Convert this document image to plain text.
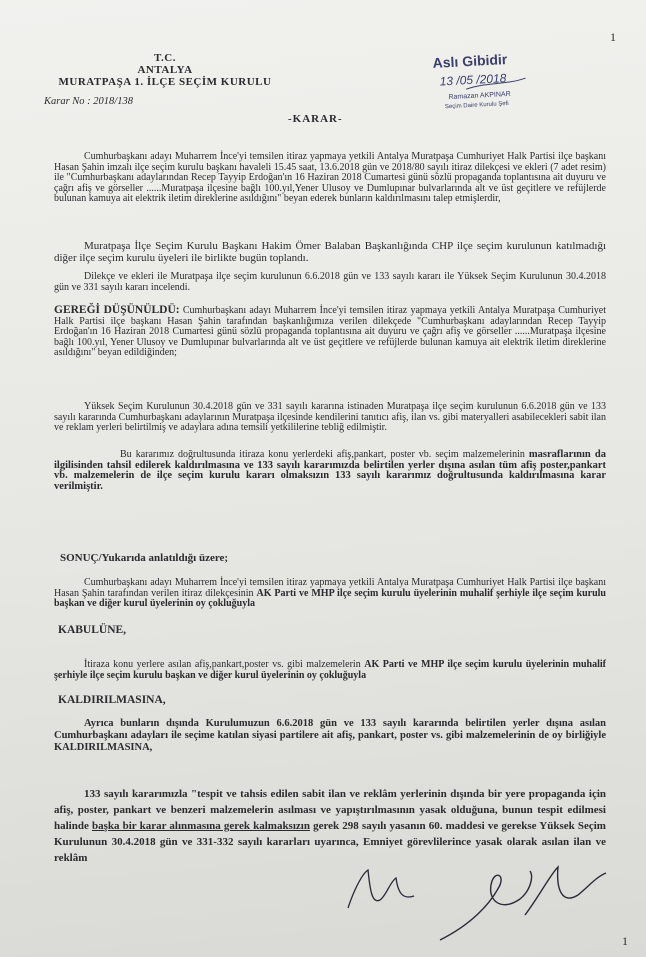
1
T.C.
ANTALYA
MURATPAŞA 1. İLÇE SEÇİM KURULU
Aslı Gibidir
13 /05 /2018
Ramazan AKPINAR
Seçim Daire Kurulu Şefi
Karar No : 2018/138
-KARAR-

Cumhurbaşkanı adayı Muharrem İnce'yi temsilen itiraz yapmaya yetkili Antalya Muratpaşa Cumhuriyet Halk Partisi ilçe başkanı Hasan Şahin imzalı ilçe seçim kurulu başkanı havaleli 15.45 saat, 13.6.2018 gün ve 2018/80 sayılı itiraz dilekçesi ve ekleri (7 adet resim) ile "Cumhurbaşkanı adaylarından Recep Tayyip Erdoğan'ın 16 Haziran 2018 Cumartesi günü sözlü propaganda toplantısına ait duyuru ve çağrı afiş ve görseller ......Muratpaşa ilçesine bağlı 100.yıl,Yener Ulusoy ve Dumlupınar bulvarlarında alt ve üst geçitlere ve refüjlerde bulunan kamuya ait elektrik iletim direklerine asıldığını" beyan ederek bunların kaldırılmasını talep etmişlerdir,

Muratpaşa İlçe Seçim Kurulu Başkanı Hakim Ömer Balaban Başkanlığında CHP ilçe seçim kurulunun katılmadığı diğer ilçe seçim kurulu üyeleri ile birlikte bugün toplandı.

Dilekçe ve ekleri ile Muratpaşa ilçe seçim kurulunun 6.6.2018 gün ve 133 sayılı kararı ile Yüksek Seçim Kurulunun 30.4.2018 gün ve 331 sayılı kararı incelendi.

GEREĞİ DÜŞÜNÜLDÜ: Cumhurbaşkanı adayı Muharrem İnce'yi temsilen itiraz yapmaya yetkili Antalya Muratpaşa Cumhuriyet Halk Partisi ilçe başkanı Hasan Şahin tarafından başkanlığımıza verilen dilekçede "Cumhurbaşkanı adaylarından Recep Tayyip Erdoğan'ın 16 Haziran 2018 Cumartesi günü sözlü propaganda toplantısına ait duyuru ve çağrı afiş ve görseller ......Muratpaşa ilçesine bağlı 100.yıl, Yener Ulusoy ve Dumlupınar bulvarlarında alt ve üst geçitlere ve refüjlerde bulunan kamuya ait elektrik iletim direklerine asıldığını" beyan edildiğinden;

Yüksek Seçim Kurulunun 30.4.2018 gün ve 331 sayılı kararına istinaden Muratpaşa ilçe seçim kurulunun 6.6.2018 gün ve 133 sayılı kararında Cumhurbaşkanı adaylarının Muratpaşa ilçesinde kendilerini tanıtıcı afiş, ilan vs. gibi materyalleri asabilecekleri sabit ilan ve reklam yerleri belirtilmiş ve adaylara adına temsili yetkililerine tebliğ edilmiştir.

Bu kararımız doğrultusunda itiraza konu yerlerdeki afiş,pankart, poster vb. seçim malzemelerinin masraflarının da ilgilisinden tahsil edilerek kaldırılmasına ve 133 sayılı kararımızda belirtilen yerler dışına asılan tüm afiş poster,pankart vb. malzemelerin de ilçe seçim kurulu kararı olmaksızın 133 sayılı kararımız doğrultusunda kaldırılmasına karar verilmiştir.

SONUÇ/Yukarıda anlatıldığı üzere;

Cumhurbaşkanı adayı Muharrem İnce'yi temsilen itiraz yapmaya yetkili Antalya Muratpaşa Cumhuriyet Halk Partisi ilçe başkanı Hasan Şahin tarafından verilen itiraz dilekçesinin AK Parti ve MHP ilçe seçim kurulu üyelerinin muhalif şerhiyle ilçe seçim kurulu başkan ve diğer kurul üyelerinin oy çokluğuyla

KABULÜNE,

İtiraza konu yerlere asılan afiş,pankart,poster vs. gibi malzemelerin AK Parti ve MHP ilçe seçim kurulu üyelerinin muhalif şerhiyle ilçe seçim kurulu başkan ve diğer kurul üyelerinin oy çokluğuyla

KALDIRILMASINA,

Ayrıca bunların dışında Kurulumuzun 6.6.2018 gün ve 133 sayılı kararında belirtilen yerler dışına asılan Cumhurbaşkanı adayları ile seçime katılan siyasi partilere ait afiş, pankart, poster vs. gibi malzemelerinin de oy birliğiyle KALDIRILMASINA,

133 sayılı kararımızla "tespit ve tahsis edilen sabit ilan ve reklâm yerlerinin dışında bir yere propaganda için afiş, poster, pankart ve benzeri malzemelerin asılması ve yapıştırılmasının yasak olduğuna, bunun tespit edilmesi halinde başka bir karar alınmasına gerek kalmaksızın gerek 298 sayılı yasanın 60. maddesi ve gerekse Yüksek Seçim Kurulunun 30.4.2018 gün ve 331-332 sayılı kararları uyarınca, Emniyet görevlilerince yasak olarak asılan ilan ve reklâm

1
